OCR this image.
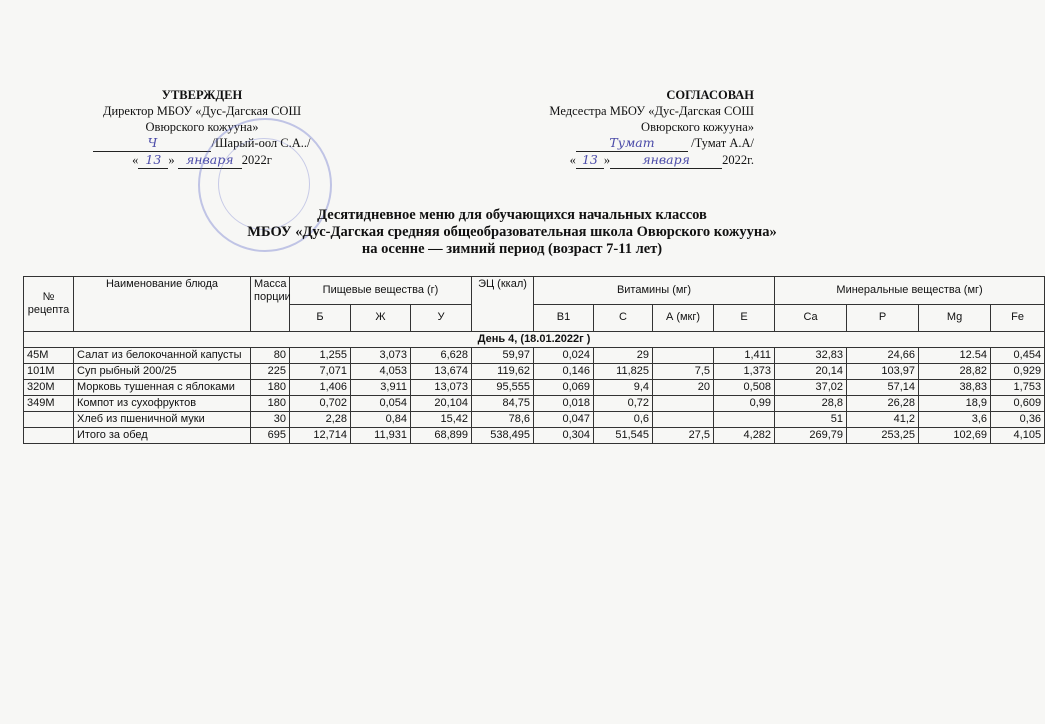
УТВЕРЖДЕН
Директор МБОУ «Дус-Дагская СОШ
Овюрского кожууна»
Ч	/Шарый-оол С.А../
« 13 » января 2022г
СОГЛАСОВАН
Медсестра МБОУ «Дус-Дагская СОШ
Овюрского кожууна»
Тумат	/Тумат А.А/
« 13 »	января	2022г.
Десятидневное меню для обучающихся начальных классов
МБОУ «Дус-Дагская средняя общеобразовательная школа Овюрского кожууна»
на осенне — зимний период (возраст 7-11 лет)
№ рецепта	Наименование блюда	Масса порции	Пищевые вещества (г)			ЭЦ (ккал)	Витамины (мг)				Минеральные вещества (мг)			
			Б	Ж	У		В1	С	А (мкг)	Е	Са	Р	Mg	Fe
День 4, (18.01.2022г )														
45М	Салат из белокочанной капусты	80	1,255	3,073	6,628	59,97	0,024	29		1,411	32,83	24,66	12.54	0,454
101М	Суп рыбный 200/25	225	7,071	4,053	13,674	119,62	0,146	11,825	7,5	1,373	20,14	103,97	28,82	0,929
320М	Морковь тушенная с яблоками	180	1,406	3,911	13,073	95,555	0,069	9,4	20	0,508	37,02	57,14	38,83	1,753
349М	Компот из сухофруктов	180	0,702	0,054	20,104	84,75	0,018	0,72		0,99	28,8	26,28	18,9	0,609
	Хлеб из пшеничной муки	30	2,28	0,84	15,42	78,6	0,047	0,6			51	41,2	3,6	0,36
	Итого за обед	695	12,714	11,931	68,899	538,495	0,304	51,545	27,5	4,282	269,79	253,25	102,69	4,105
